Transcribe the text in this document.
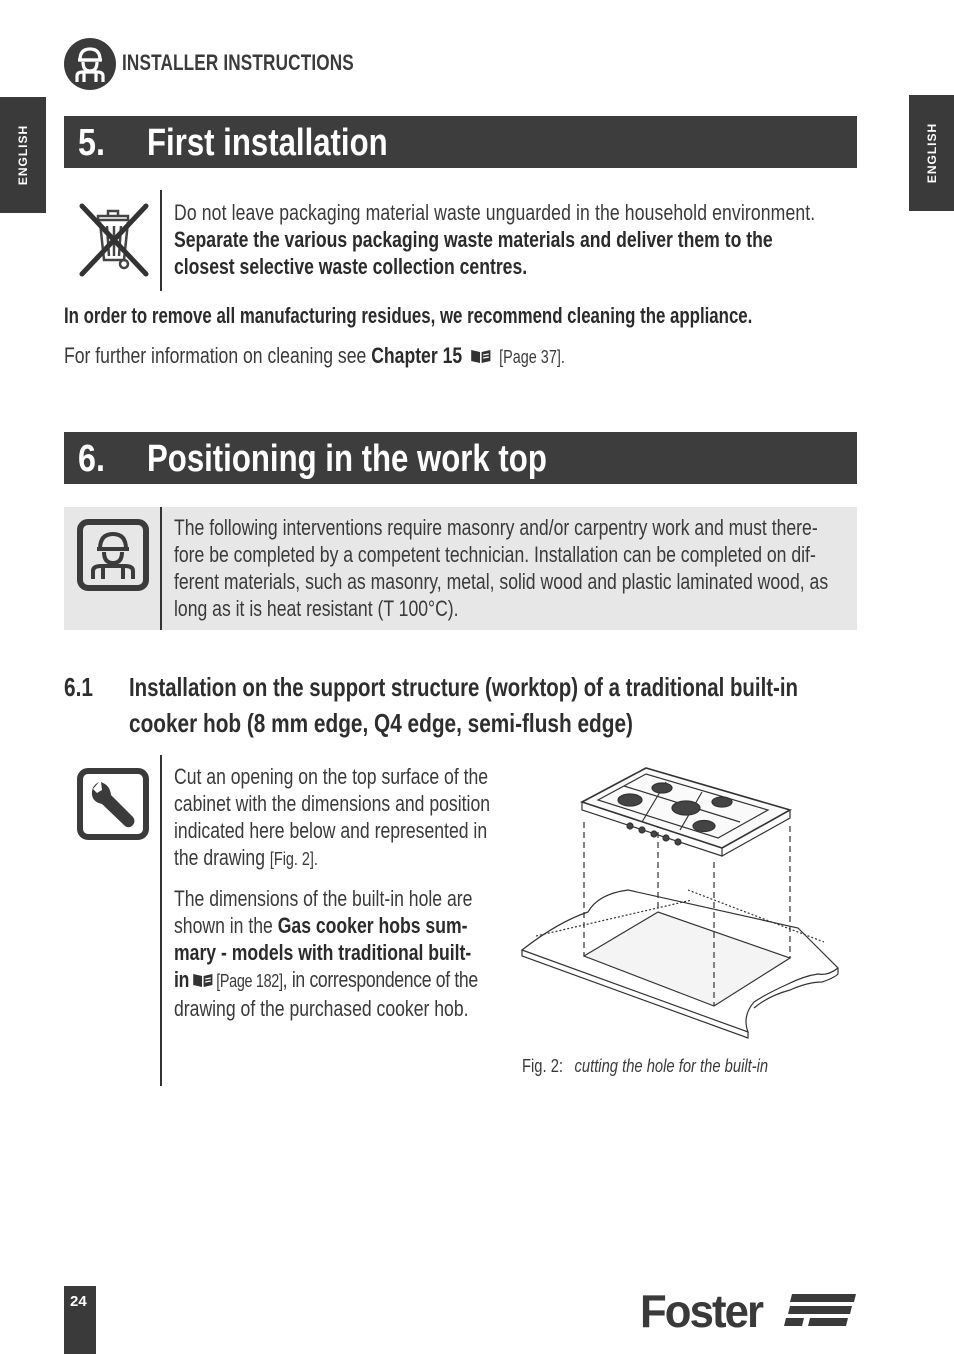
ENGLISH	ENGLISH
INSTALLER INSTRUCTIONS
5. First installation
Do not leave packaging material waste unguarded in the household environment.
Separate the various packaging waste materials and deliver them to the
closest selective waste collection centres.
In order to remove all manufacturing residues, we recommend cleaning the appliance.
For further information on cleaning see Chapter 15 [Page 37].
6. Positioning in the work top
The following interventions require masonry and/or carpentry work and must there-
fore be completed by a competent technician. Installation can be completed on dif-
ferent materials, such as masonry, metal, solid wood and plastic laminated wood, as
long as it is heat resistant (T 100°C).
6.1 Installation on the support structure (worktop) of a traditional built-in
cooker hob (8 mm edge, Q4 edge, semi-flush edge)
Cut an opening on the top surface of the
cabinet with the dimensions and position
indicated here below and represented in
the drawing [Fig. 2].
The dimensions of the built-in hole are
shown in the Gas cooker hobs sum-
mary - models with traditional built-
in [Page 182], in correspondence of the
drawing of the purchased cooker hob.
Fig. 2: cutting the hole for the built-in
24	Foster
